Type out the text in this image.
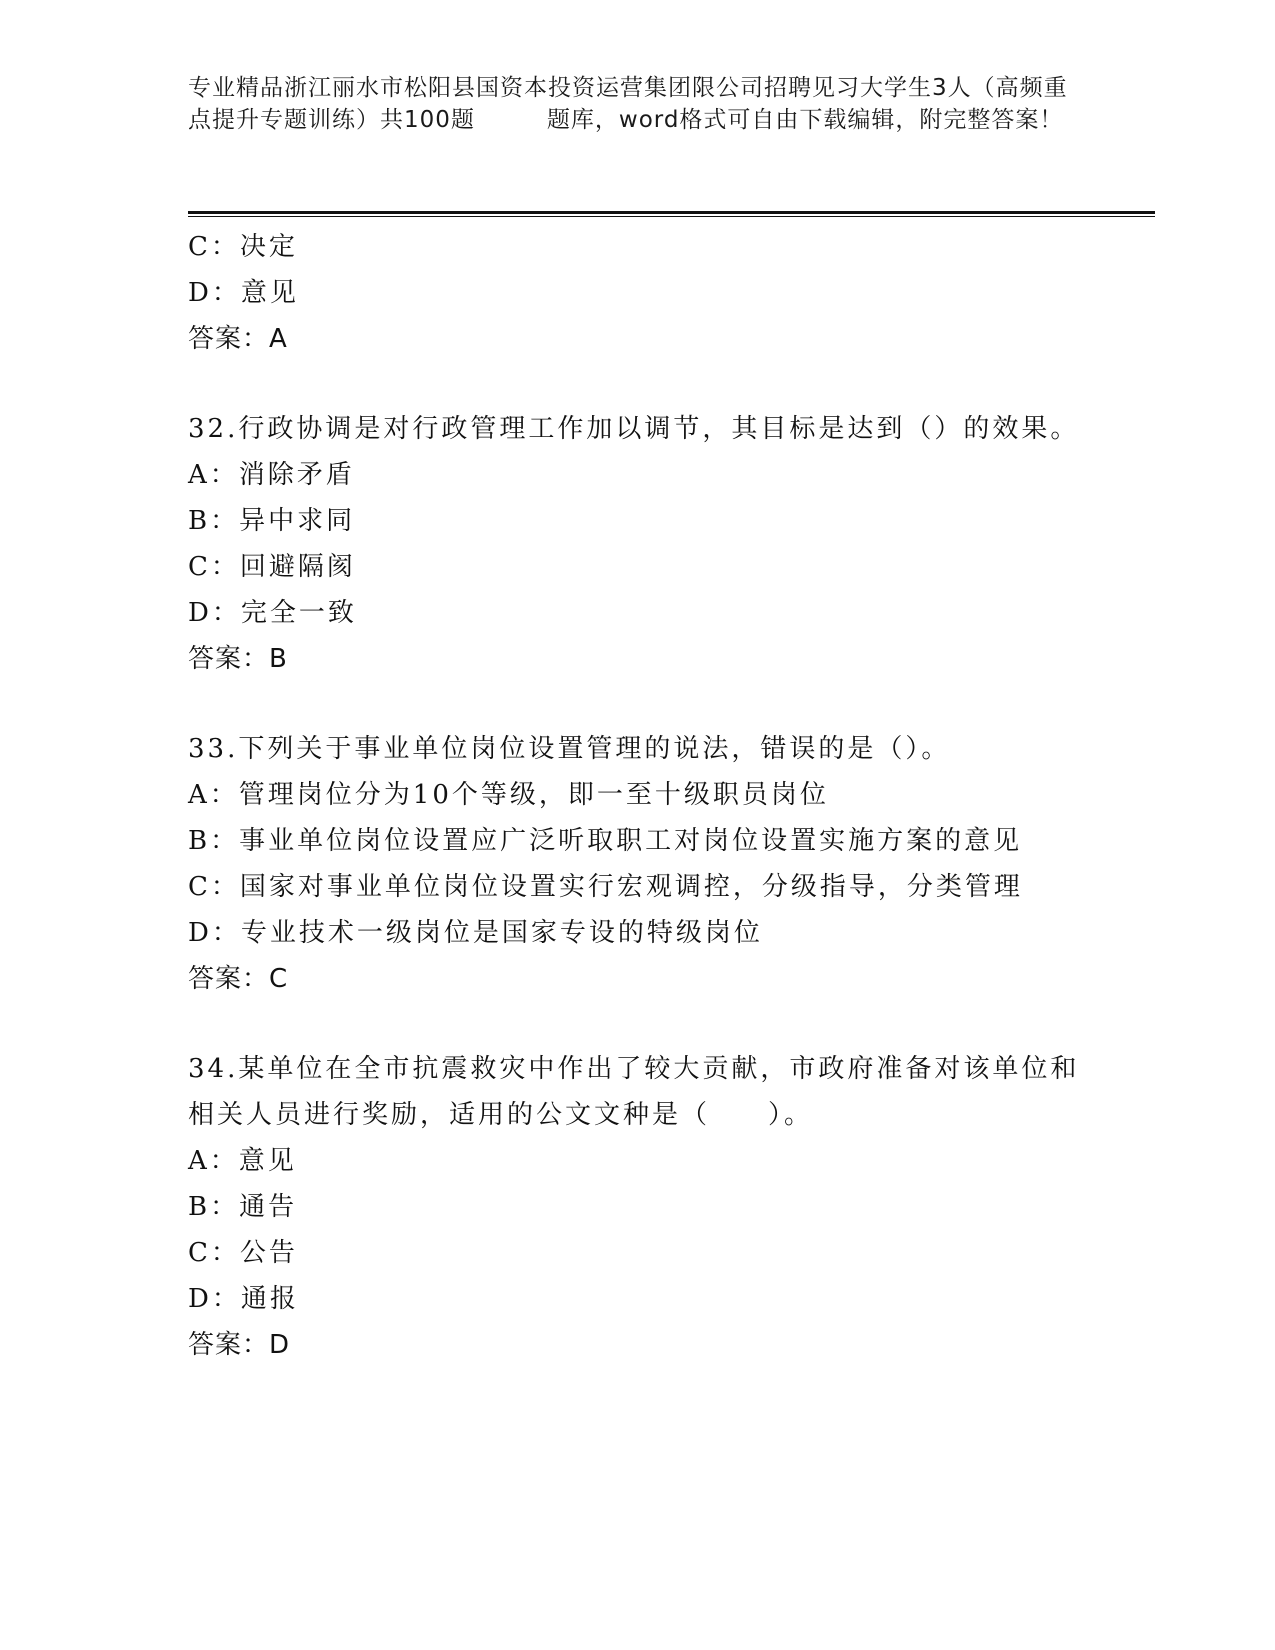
专业精品浙江丽水市松阳县国资本投资运营集团限公司招聘见习大学生3人（高频重点提升专题训练）共100题　　　题库，word格式可自由下载编辑，附完整答案！
C：决定
D：意见
答案：A
32.行政协调是对行政管理工作加以调节，其目标是达到（）的效果。
A：消除矛盾
B：异中求同
C：回避隔阂
D：完全一致
答案：B
33.下列关于事业单位岗位设置管理的说法，错误的是（）。
A：管理岗位分为10个等级，即一至十级职员岗位
B：事业单位岗位设置应广泛听取职工对岗位设置实施方案的意见
C：国家对事业单位岗位设置实行宏观调控，分级指导，分类管理
D：专业技术一级岗位是国家专设的特级岗位
答案：C
34.某单位在全市抗震救灾中作出了较大贡献，市政府准备对该单位和
相关人员进行奖励，适用的公文文种是（　　）。
A：意见
B：通告
C：公告
D：通报
答案：D
